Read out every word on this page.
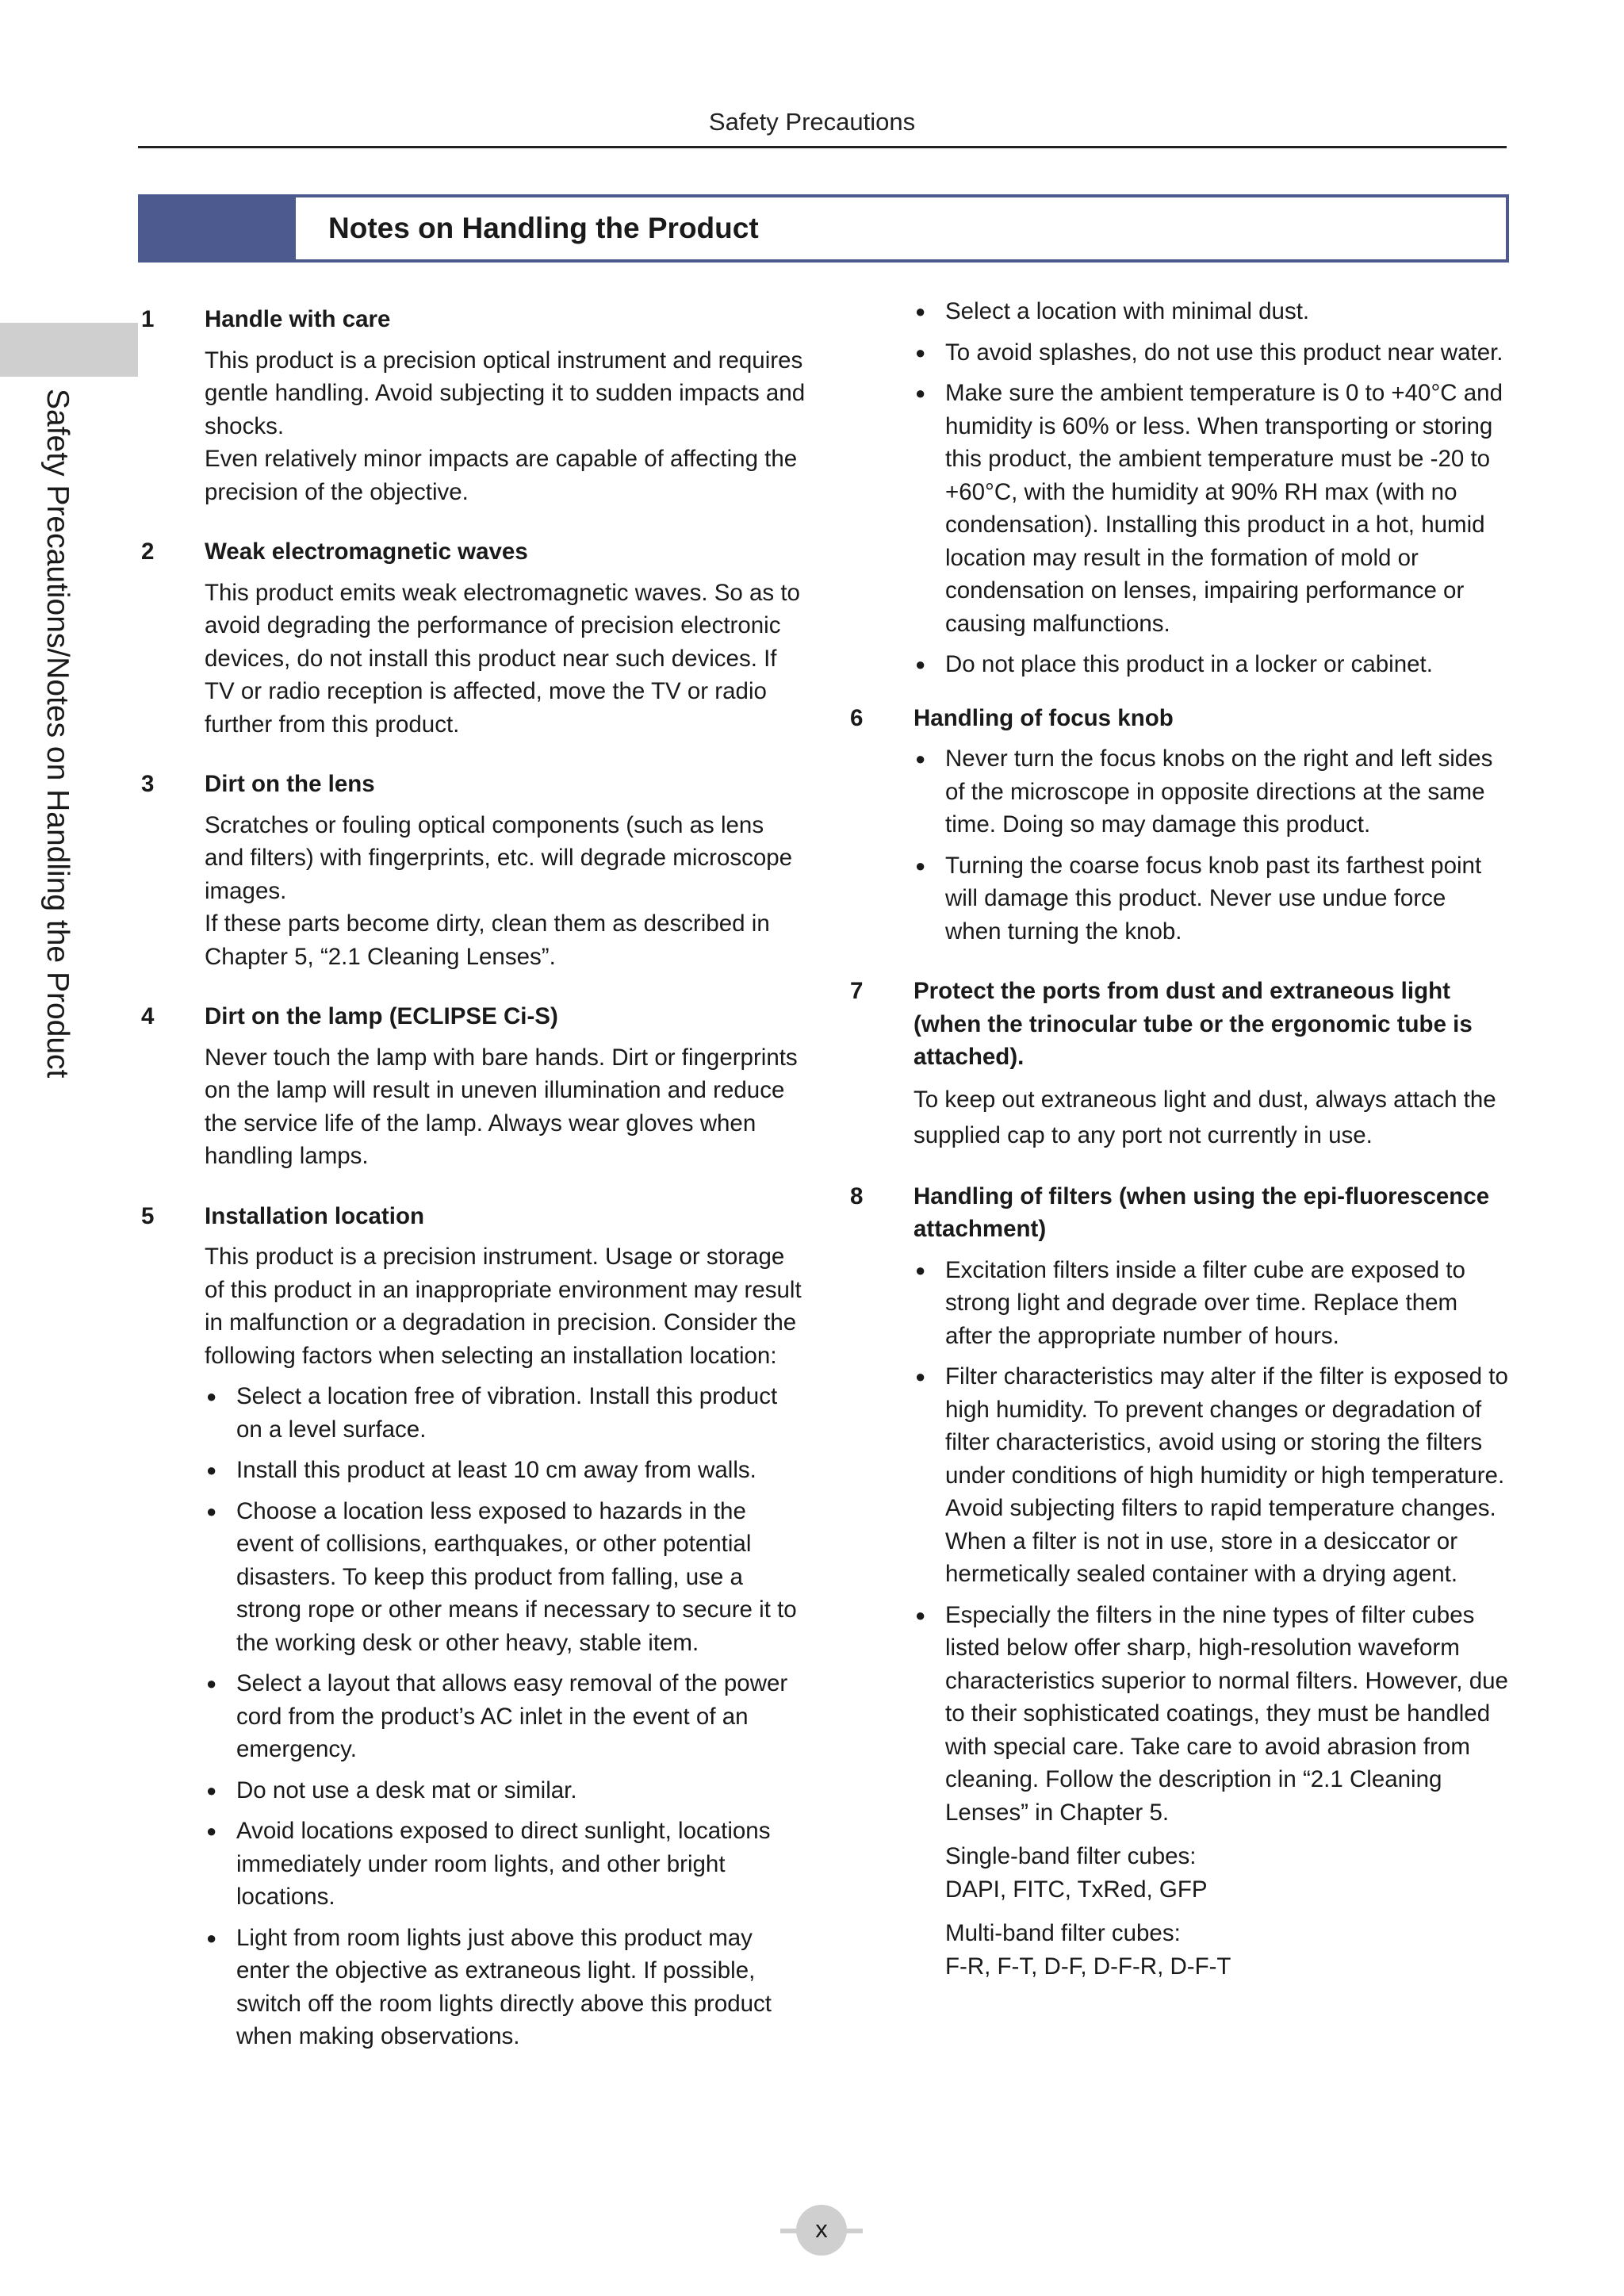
Safety Precautions
Safety Precautions/Notes on Handling the Product
Notes on Handling the Product
1 Handle with care

This product is a precision optical instrument and requires gentle handling. Avoid subjecting it to sudden impacts and shocks.

Even relatively minor impacts are capable of affecting the precision of the objective.

2 Weak electromagnetic waves

This product emits weak electromagnetic waves. So as to avoid degrading the performance of precision electronic devices, do not install this product near such devices. If TV or radio reception is affected, move the TV or radio further from this product.

3 Dirt on the lens

Scratches or fouling optical components (such as lens and filters) with fingerprints, etc. will degrade microscope images.

If these parts become dirty, clean them as described in Chapter 5, “2.1 Cleaning Lenses”.

4 Dirt on the lamp (ECLIPSE Ci-S)

Never touch the lamp with bare hands. Dirt or fingerprints on the lamp will result in uneven illumination and reduce the service life of the lamp. Always wear gloves when handling lamps.

5 Installation location

This product is a precision instrument. Usage or storage of this product in an inappropriate environment may result in malfunction or a degradation in precision. Consider the following factors when selecting an installation location:

● Select a location free of vibration. Install this product on a level surface.
● Install this product at least 10 cm away from walls.
● Choose a location less exposed to hazards in the event of collisions, earthquakes, or other potential disasters. To keep this product from falling, use a strong rope or other means if necessary to secure it to the working desk or other heavy, stable item.
● Select a layout that allows easy removal of the power cord from the product’s AC inlet in the event of an emergency.
● Do not use a desk mat or similar.
● Avoid locations exposed to direct sunlight, locations immediately under room lights, and other bright locations.
● Light from room lights just above this product may enter the objective as extraneous light. If possible, switch off the room lights directly above this product when making observations.
● Select a location with minimal dust.
● To avoid splashes, do not use this product near water.
● Make sure the ambient temperature is 0 to +40°C and humidity is 60% or less. When transporting or storing this product, the ambient temperature must be -20 to +60°C, with the humidity at 90% RH max (with no condensation). Installing this product in a hot, humid location may result in the formation of mold or condensation on lenses, impairing performance or causing malfunctions.
● Do not place this product in a locker or cabinet.
6 Handling of focus knob
● Never turn the focus knobs on the right and left sides of the microscope in opposite directions at the same time. Doing so may damage this product.
● Turning the coarse focus knob past its farthest point will damage this product. Never use undue force when turning the knob.
7 Protect the ports from dust and extraneous light (when the trinocular tube or the ergonomic tube is attached).

To keep out extraneous light and dust, always attach the supplied cap to any port not currently in use.

8 Handling of filters (when using the epi-fluorescence attachment)
● Excitation filters inside a filter cube are exposed to strong light and degrade over time. Replace them after the appropriate number of hours.
● Filter characteristics may alter if the filter is exposed to high humidity. To prevent changes or degradation of filter characteristics, avoid using or storing the filters under conditions of high humidity or high temperature. Avoid subjecting filters to rapid temperature changes. When a filter is not in use, store in a desiccator or hermetically sealed container with a drying agent.
● Especially the filters in the nine types of filter cubes listed below offer sharp, high-resolution waveform characteristics superior to normal filters. However, due to their sophisticated coatings, they must be handled with special care. Take care to avoid abrasion from cleaning. Follow the description in “2.1 Cleaning Lenses” in Chapter 5.
Single-band filter cubes:
DAPI, FITC, TxRed, GFP
Multi-band filter cubes:
F-R, F-T, D-F, D-F-R, D-F-T
x
